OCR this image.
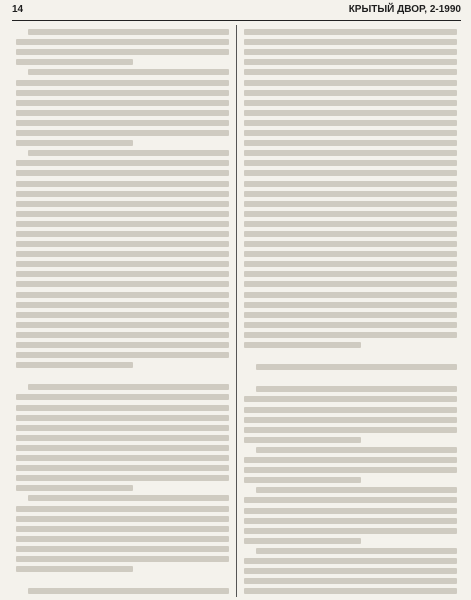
14	КРЫТЫЙ ДВОР, 2-1990
